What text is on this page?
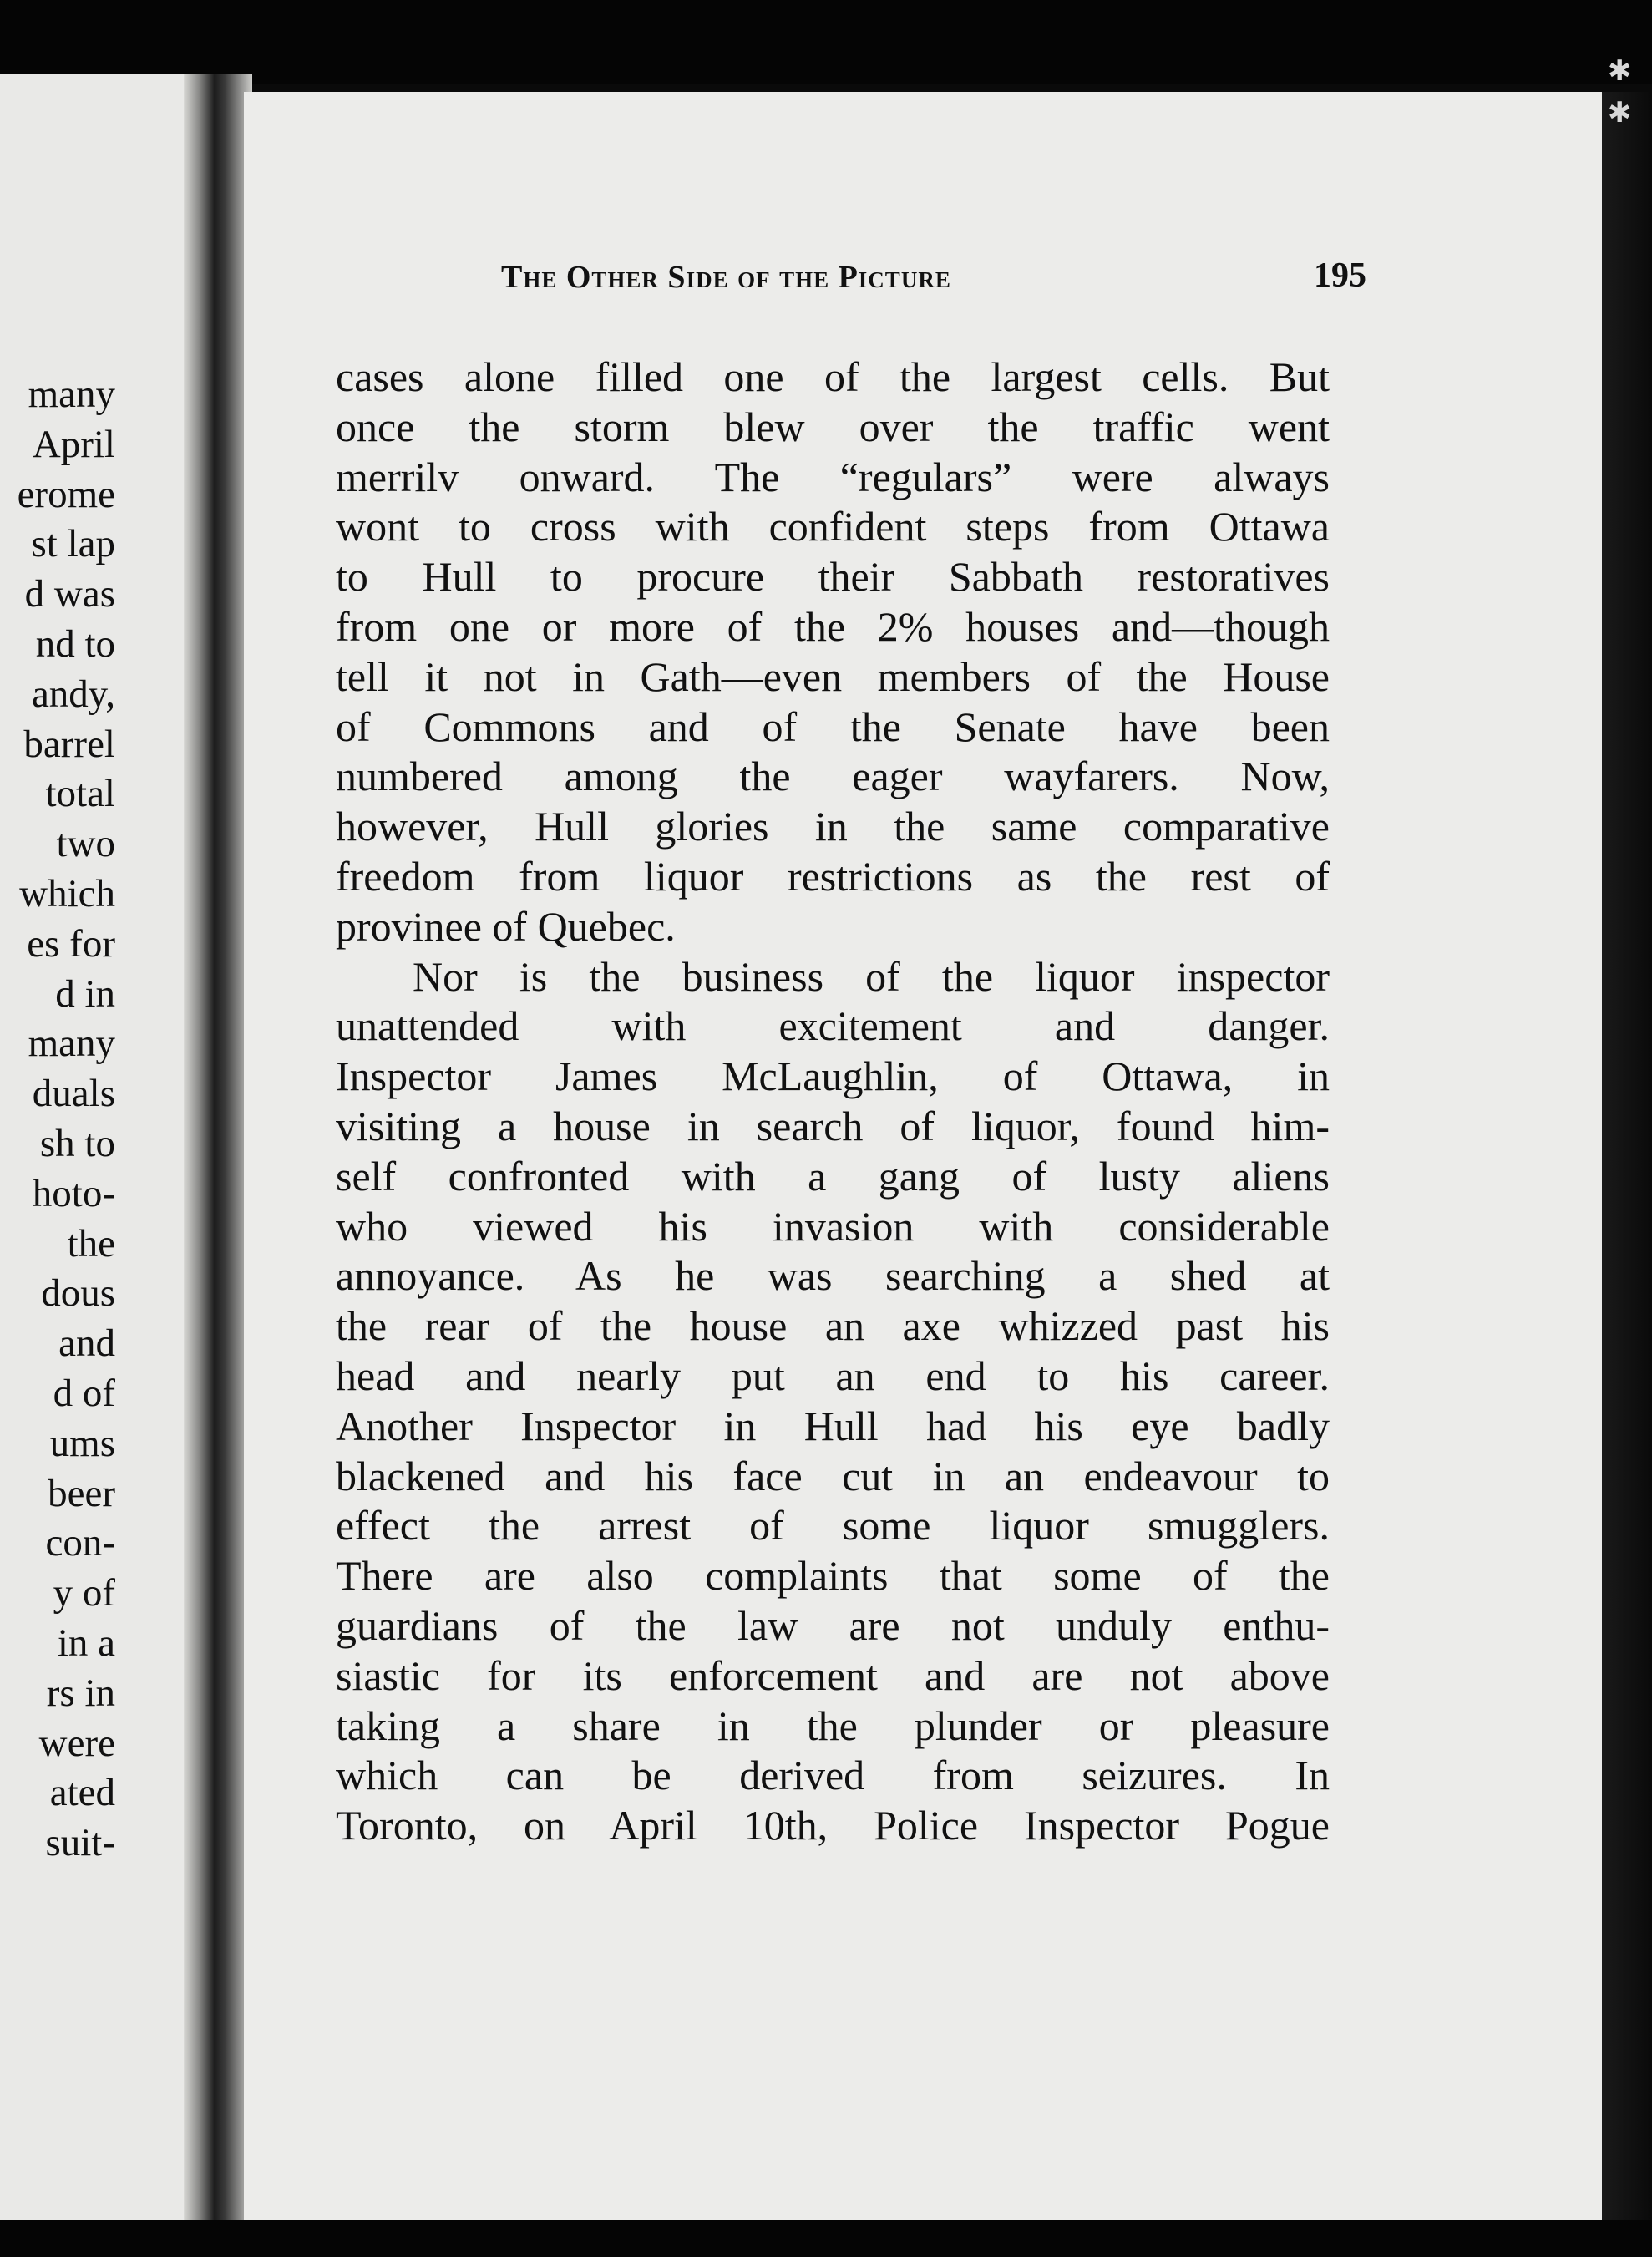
many
April
erome
st lap
d was
nd to
andy,
barrel
total
two
which
es for
d in
many
duals
sh to
hoto-
the
dous
and
d of
ums
beer
con-
y of
in a
rs in
were
ated
suit-
✱
✱
The Other Side of the Picture	195
cases alone filled one of the largest cells. But
once the storm blew over the traffic went
merrilv onward. The “regulars” were always
wont to cross with confident steps from Ottawa
to Hull to procure their Sabbath restoratives
from one or more of the 2% houses and—though
tell it not in Gath—even members of the House
of Commons and of the Senate have been
numbered among the eager wayfarers. Now,
however, Hull glories in the same comparative
freedom from liquor restrictions as the rest of
provinee of Quebec.
Nor is the business of the liquor inspector
unattended with excitement and danger.
Inspector James McLaughlin, of Ottawa, in
visiting a house in search of liquor, found him-
self confronted with a gang of lusty aliens
who viewed his invasion with considerable
annoyance. As he was searching a shed at
the rear of the house an axe whizzed past his
head and nearly put an end to his career.
Another Inspector in Hull had his eye badly
blackened and his face cut in an endeavour to
effect the arrest of some liquor smugglers.
There are also complaints that some of the
guardians of the law are not unduly enthu-
siastic for its enforcement and are not above
taking a share in the plunder or pleasure
which can be derived from seizures. In
Toronto, on April 10th, Police Inspector Pogue
